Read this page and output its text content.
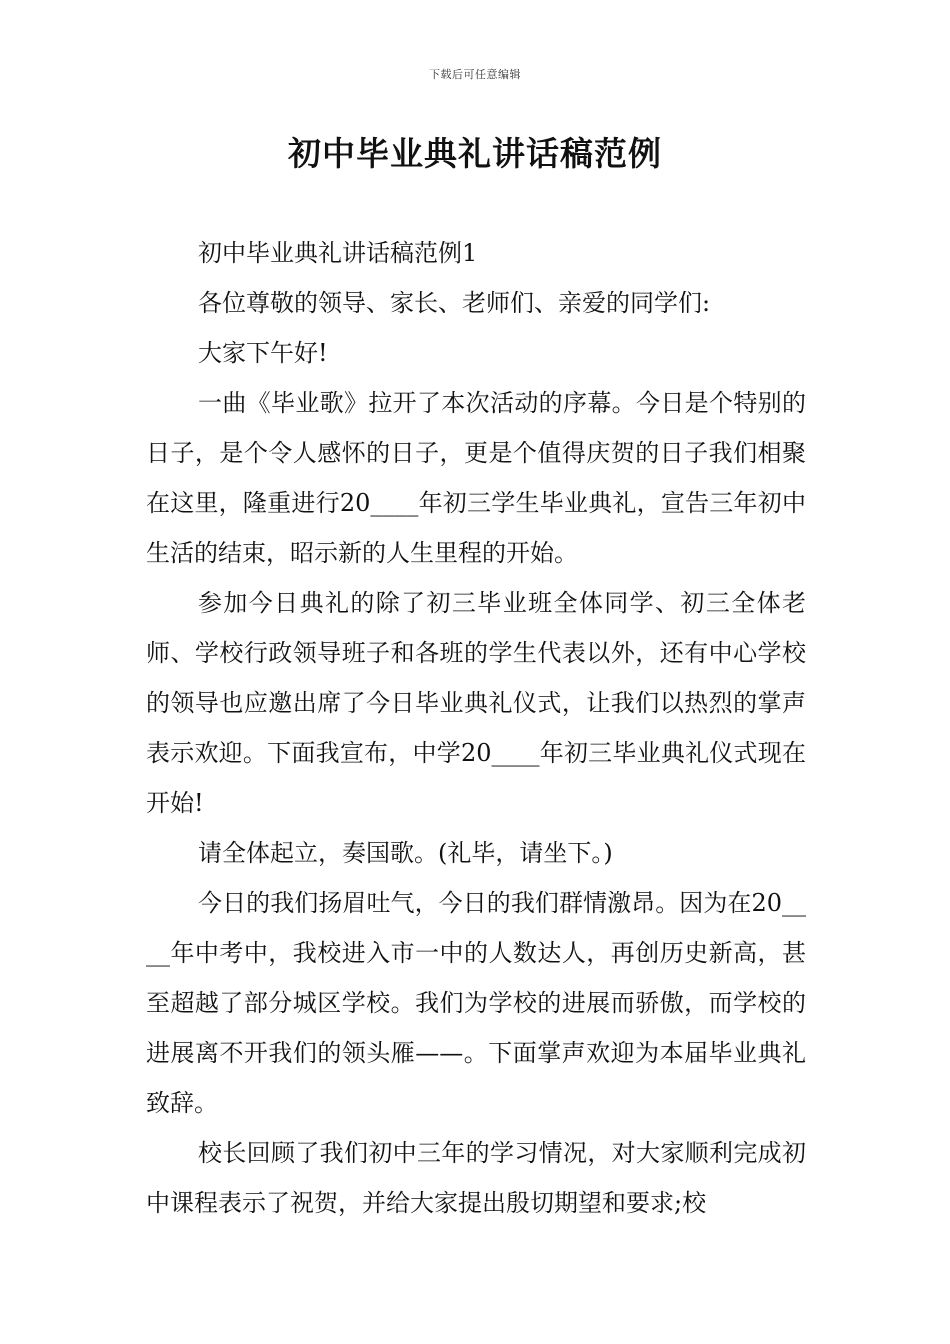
下载后可任意编辑
初中毕业典礼讲话稿范例

初中毕业典礼讲话稿范例1

各位尊敬的领导、家长、老师们、亲爱的同学们:

大家下午好!

一曲《毕业歌》拉开了本次活动的序幕。今日是个特别的日子，是个令人感怀的日子，更是个值得庆贺的日子我们相聚在这里，隆重进行20____年初三学生毕业典礼，宣告三年初中生活的结束，昭示新的人生里程的开始。

参加今日典礼的除了初三毕业班全体同学、初三全体老师、学校行政领导班子和各班的学生代表以外，还有中心学校的领导也应邀出席了今日毕业典礼仪式，让我们以热烈的掌声表示欢迎。下面我宣布，中学20____年初三毕业典礼仪式现在开始!

请全体起立，奏国歌。(礼毕，请坐下。)

今日的我们扬眉吐气，今日的我们群情激昂。因为在20____年中考中，我校进入市一中的人数达人，再创历史新高，甚至超越了部分城区学校。我们为学校的进展而骄傲，而学校的进展离不开我们的领头雁——。下面掌声欢迎为本届毕业典礼致辞。

校长回顾了我们初中三年的学习情况，对大家顺利完成初中课程表示了祝贺，并给大家提出殷切期望和要求;校
